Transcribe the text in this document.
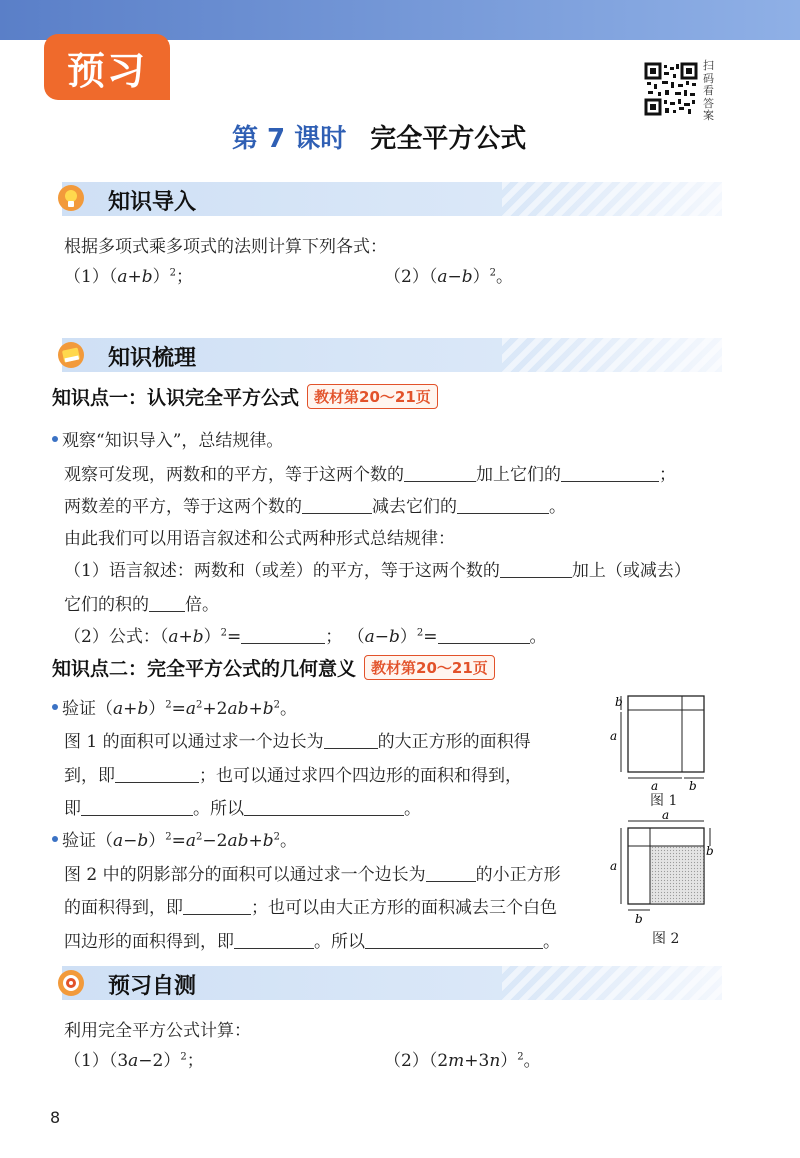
预习	扫码看答案
第 7 课时 完全平方公式
知识导入
根据多项式乘多项式的法则计算下列各式：
$(1)(a+b)^2$；	$(2)(a-b)^2$。
知识梳理
知识点一：认识完全平方公式 教材第20～21页
观察“知识导入”，总结规律。
观察可发现，两数和的平方，等于这两个数的	加上它们的	；
两数差的平方，等于这两个数的	减去它们的	。
由此我们可以用语言叙述和公式两种形式总结规律：
（1）语言叙述：两数和（或差）的平方，等于这两个数的	加上（或减去）
它们的积的 倍。
（2）公式：$(a+b)^2=$	； $(a-b)^2=$	。
知识点二：完全平方公式的几何意义 教材第20～21页
验证$(a+b)^2=a^2+2ab+b^2$。
图 1 的面积可以通过求一个边长为	的大正方形的面积得
到，即	；也可以通过求四个四边形的面积和得到，
即	。所以	。
验证$(a-b)^2=a^2-2ab+b^2$。
图 2 中的阴影部分的面积可以通过求一个边长为	的小正方形
的面积得到，即	；也可以由大正方形的面积减去三个白色
四边形的面积得到，即	。所以	。
b
a
a	b
图 1
a
a
b
b
图 2
预习自测
利用完全平方公式计算：
$(1)(3a-2)^2$；	$(2)(2m+3n)^2$。
8
